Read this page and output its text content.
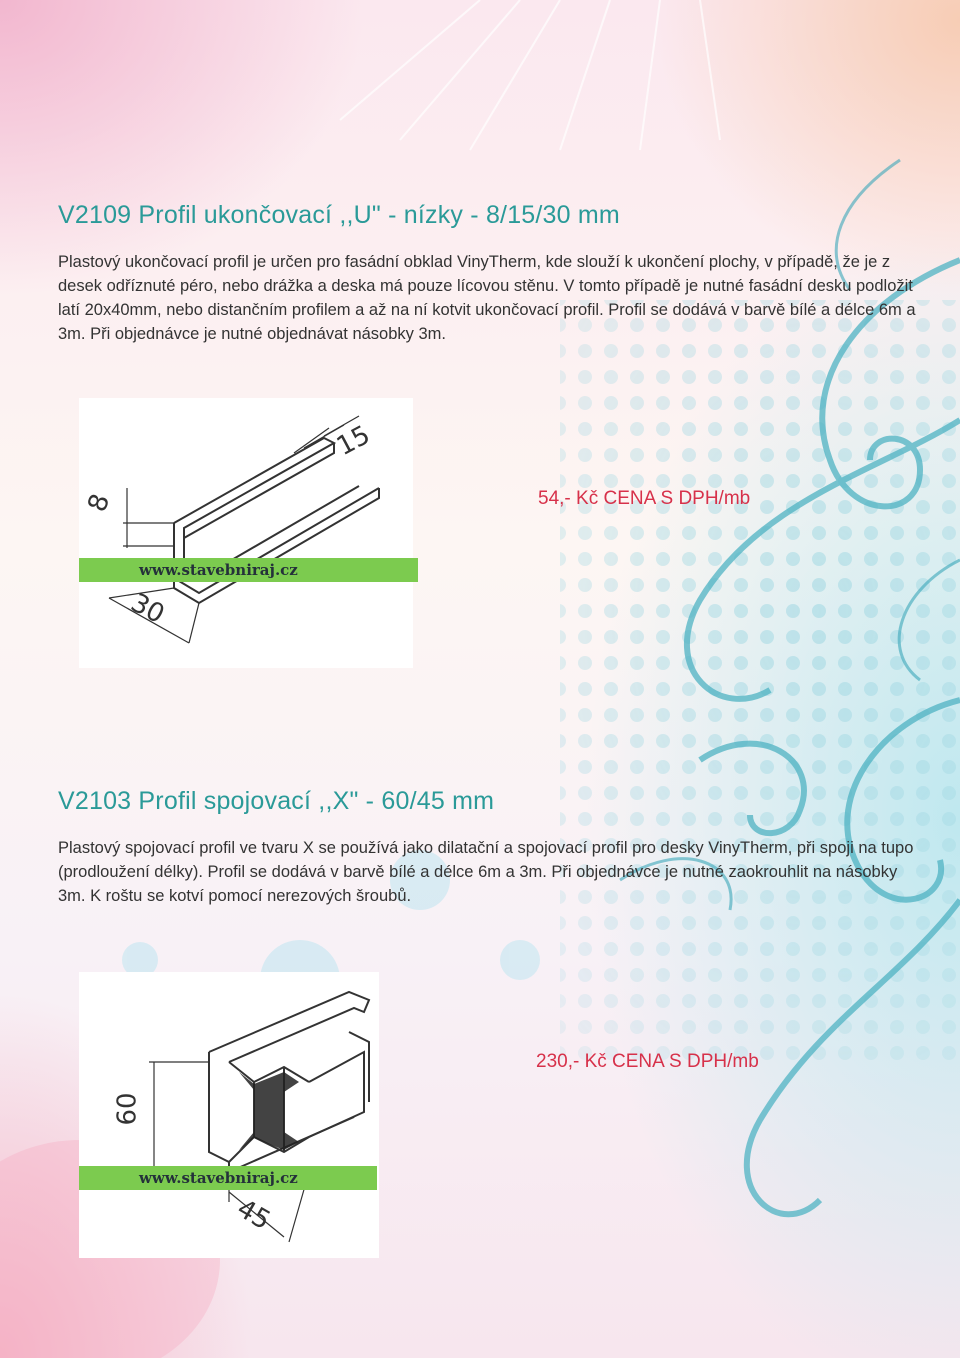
V2109 Profil ukončovací ,,U" - nízky - 8/15/30 mm

Plastový ukončovací profil je určen pro fasádní obklad VinyTherm, kde slouží k ukončení plochy, v případě, že je z desek odříznuté péro, nebo drážka a deska má pouze lícovou stěnu. V tomto případě je nutné fasádní desku podložit latí 20x40mm, nebo distančním profilem a až na ní kotvit ukončovací profil. Profil se dodává v barvě bílé a délce 6m a 3m. Při objednávce je nutné objednávat násobky 3m.

15
8
30
www.stavebniraj.cz
54,- Kč CENA S DPH/mb
V2103 Profil spojovací ,,X" - 60/45 mm

Plastový spojovací profil ve tvaru X se používá jako dilatační a spojovací profil pro desky VinyTherm, při spoji na tupo (prodloužení délky). Profil se dodává v barvě bílé a délce 6m a 3m. Při objednávce je nutné zaokrouhlit na násobky 3m. K roštu se kotví pomocí nerezových šroubů.

60
45
www.stavebniraj.cz
230,- Kč CENA S DPH/mb
